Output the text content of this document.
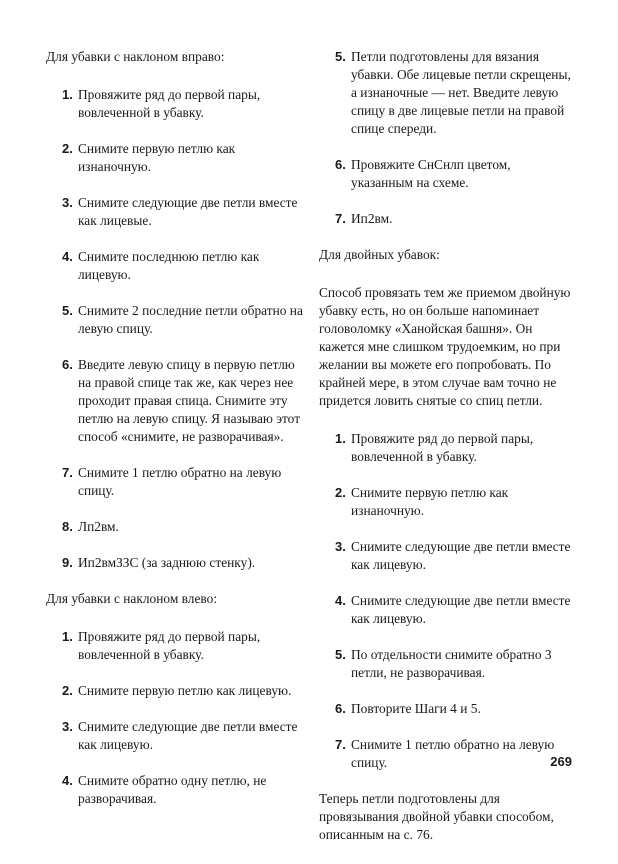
Для убавки с наклоном вправо:

1. Провяжите ряд до первой пары, вовлеченной в убавку.
2. Снимите первую петлю как изнаночную.
3. Снимите следующие две петли вместе как лицевые.
4. Снимите последнюю петлю как лицевую.
5. Снимите 2 последние петли обратно на левую спицу.
6. Введите левую спицу в первую петлю на правой спице так же, как через нее проходит правая спица. Снимите эту петлю на левую спицу. Я называю этот способ «снимите, не разворачивая».
7. Снимите 1 петлю обратно на левую спицу.
8. Лп2вм.
9. Ип2вмЗЗС (за заднюю стенку).

Для убавки с наклоном влево:

1. Провяжите ряд до первой пары, вовлеченной в убавку.
2. Снимите первую петлю как лицевую.
3. Снимите следующие две петли вместе как лицевую.
4. Снимите обратно одну петлю, не разворачивая.
5. Петли подготовлены для вязания убавки. Обе лицевые петли скрещены, а изнаночные — нет. Введите левую спицу в две лицевые петли на правой спице спереди.
6. Провяжите СнСнлп цветом, указанным на схеме.
7. Ип2вм.

Для двойных убавок:

Способ провязать тем же приемом двойную убавку есть, но он больше напоминает головоломку «Ханойская башня». Он кажется мне слишком трудоемким, но при желании вы можете его попробовать. По крайней мере, в этом случае вам точно не придется ловить снятые со спиц петли.

1. Провяжите ряд до первой пары, вовлеченной в убавку.
2. Снимите первую петлю как изнаночную.
3. Снимите следующие две петли вместе как лицевую.
4. Снимите следующие две петли вместе как лицевую.
5. По отдельности снимите обратно 3 петли, не разворачивая.
6. Повторите Шаги 4 и 5.
7. Снимите 1 петлю обратно на левую спицу.

Теперь петли подготовлены для провязывания двойной убавки способом, описанным на с. 76.

269
